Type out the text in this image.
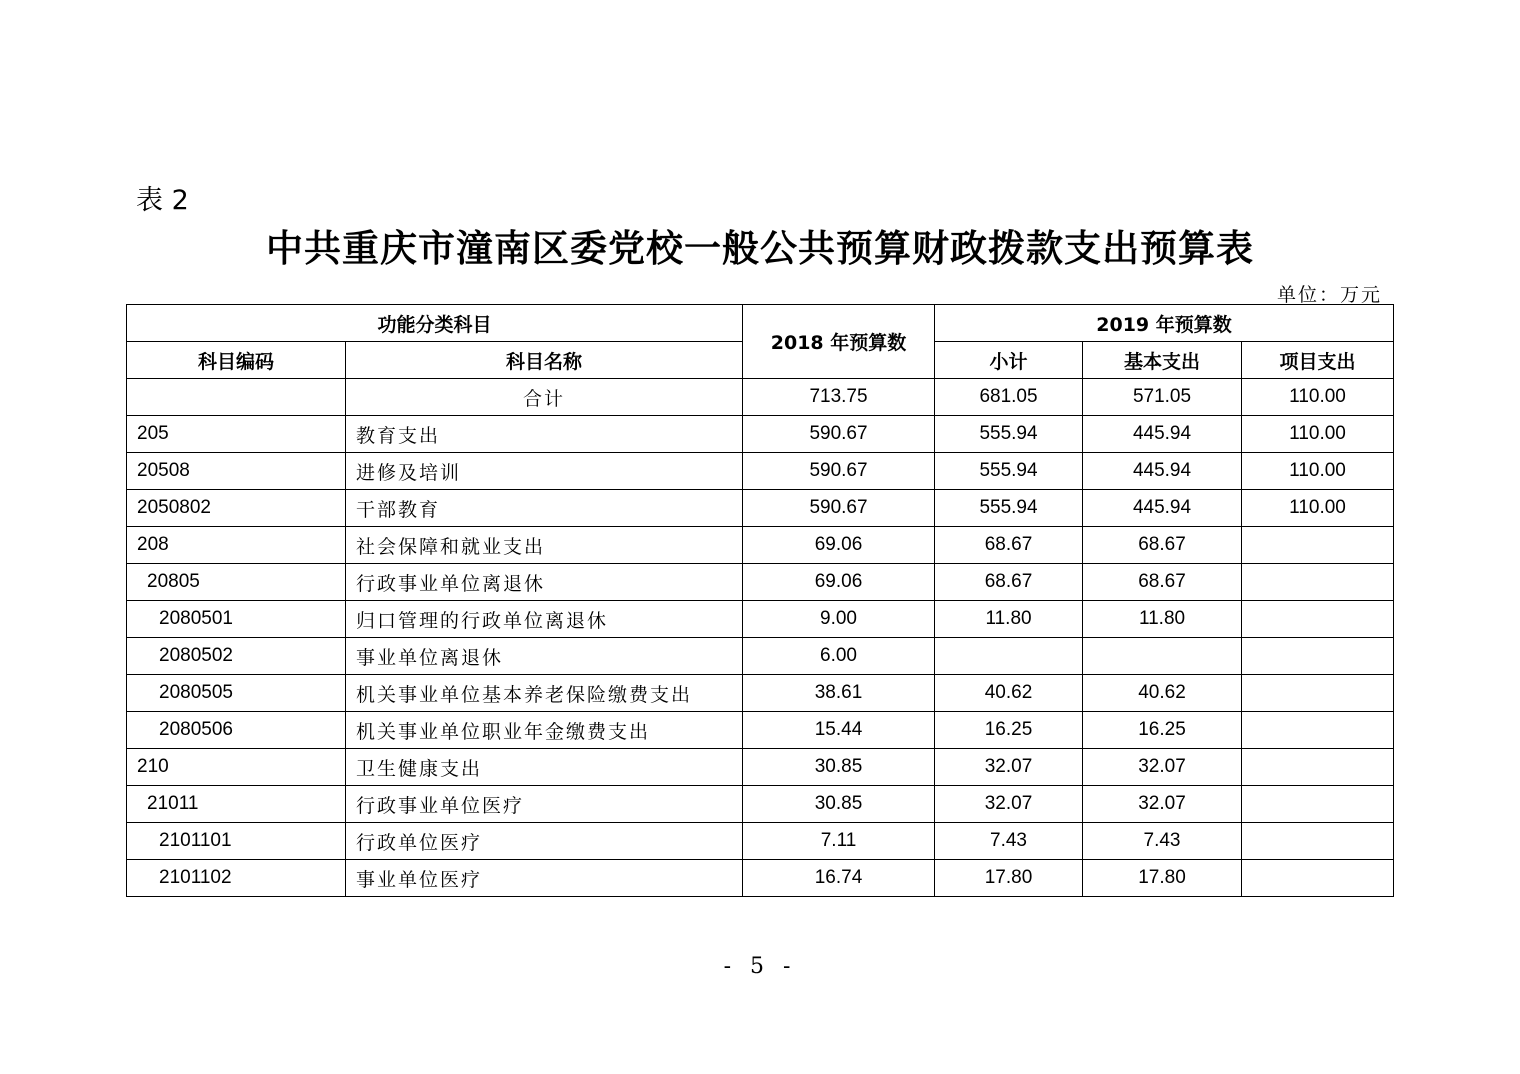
表 2
中共重庆市潼南区委党校一般公共预算财政拨款支出预算表
单位：万元
功能分类科目		2018 年预算数	2019 年预算数		
科目编码	科目名称		小计	基本支出	项目支出
	合计	713.75	681.05	571.05	110.00
205	教育支出	590.67	555.94	445.94	110.00
20508	进修及培训	590.67	555.94	445.94	110.00
2050802	干部教育	590.67	555.94	445.94	110.00
208	社会保障和就业支出	69.06	68.67	68.67	
20805	行政事业单位离退休	69.06	68.67	68.67	
2080501	归口管理的行政单位离退休	9.00	11.80	11.80	
2080502	事业单位离退休	6.00			
2080505	机关事业单位基本养老保险缴费支出	38.61	40.62	40.62	
2080506	机关事业单位职业年金缴费支出	15.44	16.25	16.25	
210	卫生健康支出	30.85	32.07	32.07	
21011	行政事业单位医疗	30.85	32.07	32.07	
2101101	行政单位医疗	7.11	7.43	7.43	
2101102	事业单位医疗	16.74	17.80	17.80	
- 5 -
